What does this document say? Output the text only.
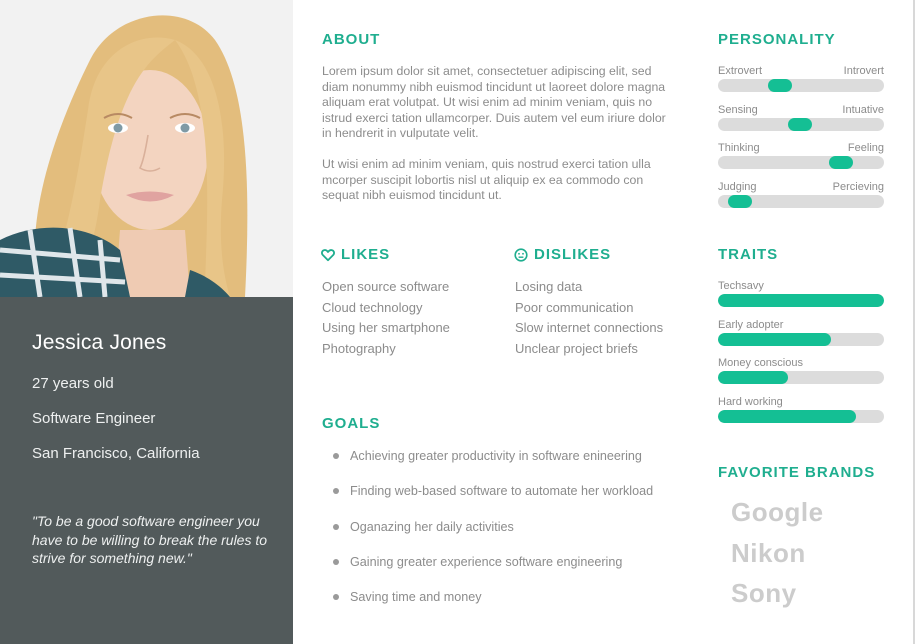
Jessica Jones
27 years old
Software Engineer
San Francisco, California
"To be a good software engineer you have to be willing to break the rules to strive for something new."
ABOUT

Lorem ipsum dolor sit amet, consectetuer adipiscing elit, sed diam nonummy nibh euismod tincidunt ut laoreet dolore magna aliquam erat volutpat. Ut wisi enim ad minim veniam, quis no istrud exerci tation ullamcorper. Duis autem vel eum iriure dolor in hendrerit in vulputate velit.

Ut wisi enim ad minim veniam, quis nostrud exerci tation ulla mcorper suscipit lobortis nisl ut aliquip ex ea commodo con sequat nibh euismod tincidunt ut.

LIKES
Open source software
Cloud technology
Using her smartphone
Photography
DISLIKES
Losing data
Poor communication
Slow internet connections
Unclear project briefs
GOALS
Achieving greater productivity in software enineering
Finding web-based software to automate her workload
Oganazing her daily activities
Gaining greater experience software engineering
Saving time and money
PERSONALITY
Extrovert	Introvert
Sensing	Intuative
Thinking	Feeling
Judging	Percieving
TRAITS
Techsavy
Early adopter
Money conscious
Hard working
FAVORITE BRANDS
Google
Nikon
Sony
